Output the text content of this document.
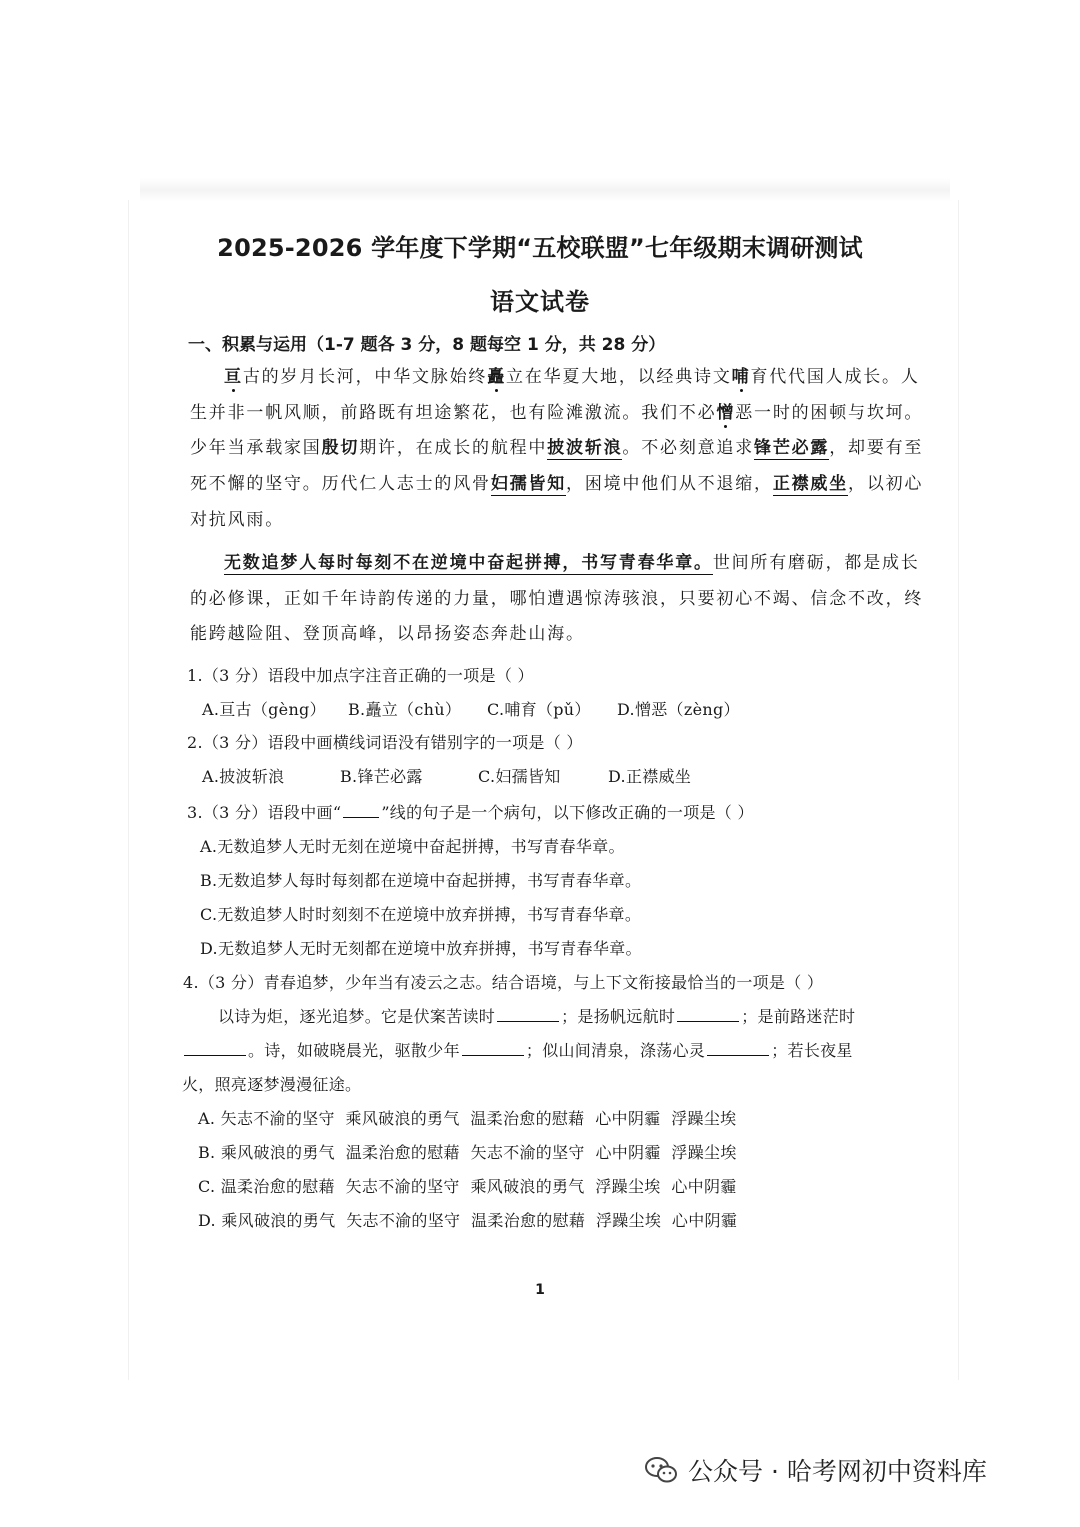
2025-2026 学年度下学期“五校联盟”七年级期末调研测试
语文试卷
一、积累与运用（1-7 题各 3 分，8 题每空 1 分，共 28 分）
亘古的岁月长河，中华文脉始终矗立在华夏大地，以经典诗文哺育代代国人成长。人
生并非一帆风顺，前路既有坦途繁花，也有险滩激流。我们不必憎恶一时的困顿与坎坷。
少年当承载家国殷切期许，在成长的航程中披波斩浪。不必刻意追求锋芒必露，却要有至
死不懈的坚守。历代仁人志士的风骨妇孺皆知，困境中他们从不退缩，正襟威坐，以初心
对抗风雨。
无数追梦人每时每刻不在逆境中奋起拼搏，书写青春华章。世间所有磨砺，都是成长
的必修课，正如千年诗韵传递的力量，哪怕遭遇惊涛骇浪，只要初心不竭、信念不改，终
能跨越险阻、登顶高峰，以昂扬姿态奔赴山海。
1.（3 分）语段中加点字注音正确的一项是（ ）
A.亘古（gèng） B.矗立（chù） C.哺育（pǔ） D.憎恶（zèng）
2.（3 分）语段中画横线词语没有错别字的一项是（ ）
A.披波斩浪	B.锋芒必露	C.妇孺皆知	D.正襟威坐
3.（3 分）语段中画“	”线的句子是一个病句，以下修改正确的一项是（ ）
A.无数追梦人无时无刻在逆境中奋起拼搏，书写青春华章。
B.无数追梦人每时每刻都在逆境中奋起拼搏，书写青春华章。
C.无数追梦人时时刻刻不在逆境中放弃拼搏，书写青春华章。
D.无数追梦人无时无刻都在逆境中放弃拼搏，书写青春华章。
4.（3 分）青春追梦，少年当有凌云之志。结合语境，与上下文衔接最恰当的一项是（ ）
以诗为炬，逐光追梦。它是伏案苦读时	；是扬帆远航时	；是前路迷茫时
。诗，如破晓晨光，驱散少年	；似山间清泉，涤荡心灵	；若长夜星
火，照亮逐梦漫漫征途。
A. 矢志不渝的坚守  乘风破浪的勇气  温柔治愈的慰藉  心中阴霾  浮躁尘埃
B. 乘风破浪的勇气  温柔治愈的慰藉  矢志不渝的坚守  心中阴霾  浮躁尘埃
C. 温柔治愈的慰藉  矢志不渝的坚守  乘风破浪的勇气  浮躁尘埃  心中阴霾
D. 乘风破浪的勇气  矢志不渝的坚守  温柔治愈的慰藉  浮躁尘埃  心中阴霾
1
公众号 · 哈考网初中资料库
